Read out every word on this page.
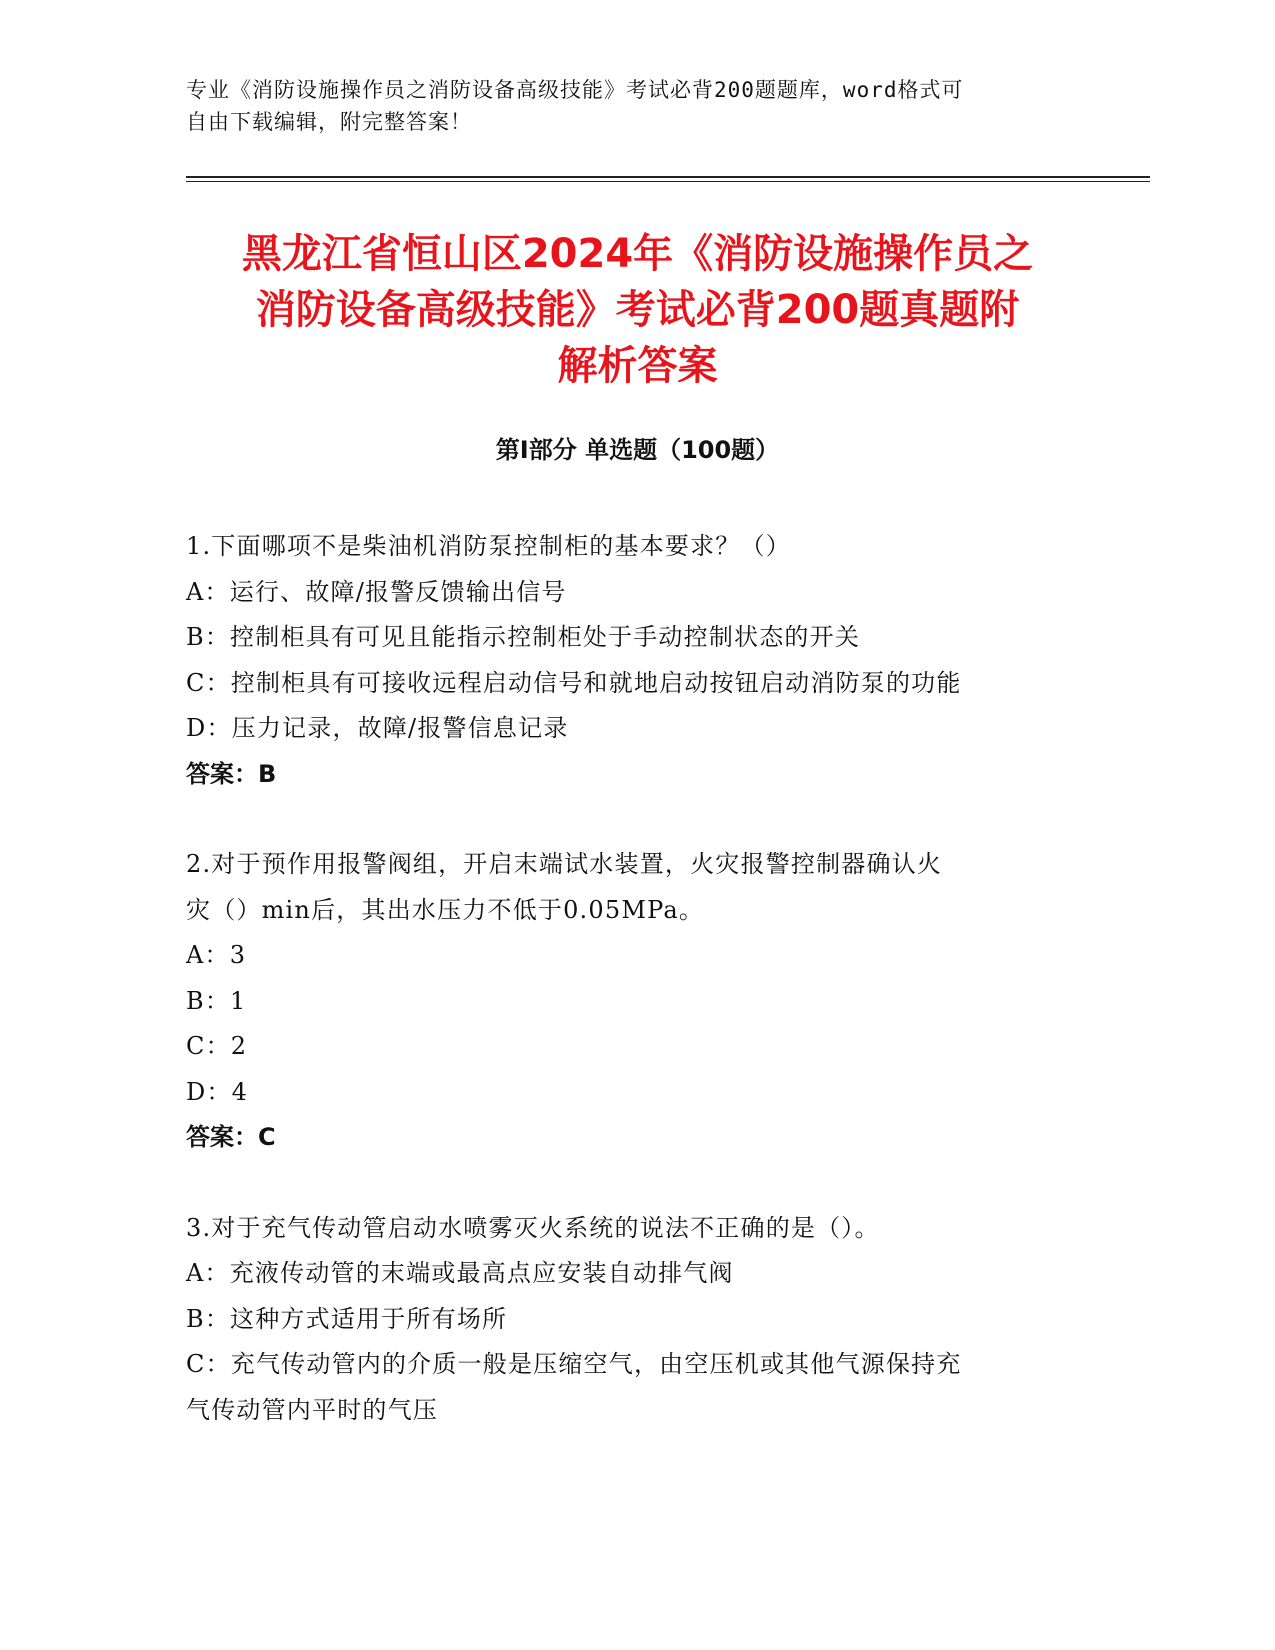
专业《消防设施操作员之消防设备高级技能》考试必背200题题库，word格式可
自由下载编辑，附完整答案！
黑龙江省恒山区2024年《消防设施操作员之
消防设备高级技能》考试必背200题真题附
解析答案
第Ⅰ部分 单选题（100题）
1.下面哪项不是柴油机消防泵控制柜的基本要求？（）
A：运行、故障/报警反馈输出信号
B：控制柜具有可见且能指示控制柜处于手动控制状态的开关
C：控制柜具有可接收远程启动信号和就地启动按钮启动消防泵的功能
D：压力记录，故障/报警信息记录
答案：B
2.对于预作用报警阀组，开启末端试水装置，火灾报警控制器确认火
灾（）min后，其出水压力不低于0.05MPa。
A：3
B：1
C：2
D：4
答案：C
3.对于充气传动管启动水喷雾灭火系统的说法不正确的是（）。
A：充液传动管的末端或最高点应安装自动排气阀
B：这种方式适用于所有场所
C：充气传动管内的介质一般是压缩空气，由空压机或其他气源保持充
气传动管内平时的气压
